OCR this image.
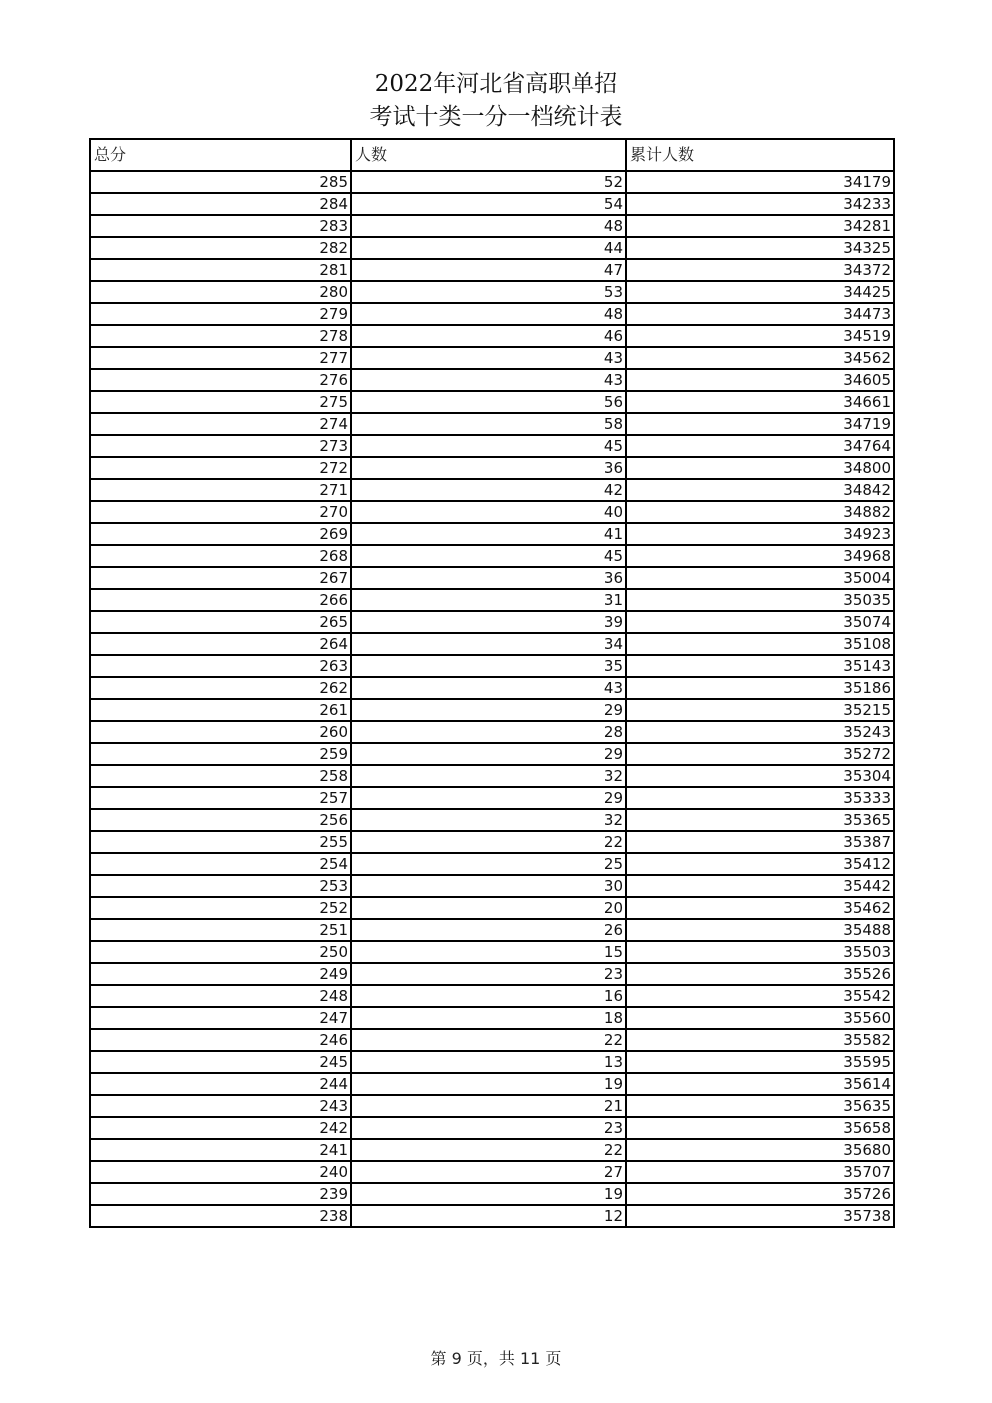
2022年河北省高职单招
考试十类一分一档统计表
总分	人数	累计人数
285	52	34179
284	54	34233
283	48	34281
282	44	34325
281	47	34372
280	53	34425
279	48	34473
278	46	34519
277	43	34562
276	43	34605
275	56	34661
274	58	34719
273	45	34764
272	36	34800
271	42	34842
270	40	34882
269	41	34923
268	45	34968
267	36	35004
266	31	35035
265	39	35074
264	34	35108
263	35	35143
262	43	35186
261	29	35215
260	28	35243
259	29	35272
258	32	35304
257	29	35333
256	32	35365
255	22	35387
254	25	35412
253	30	35442
252	20	35462
251	26	35488
250	15	35503
249	23	35526
248	16	35542
247	18	35560
246	22	35582
245	13	35595
244	19	35614
243	21	35635
242	23	35658
241	22	35680
240	27	35707
239	19	35726
238	12	35738
第 9 页，共 11 页
